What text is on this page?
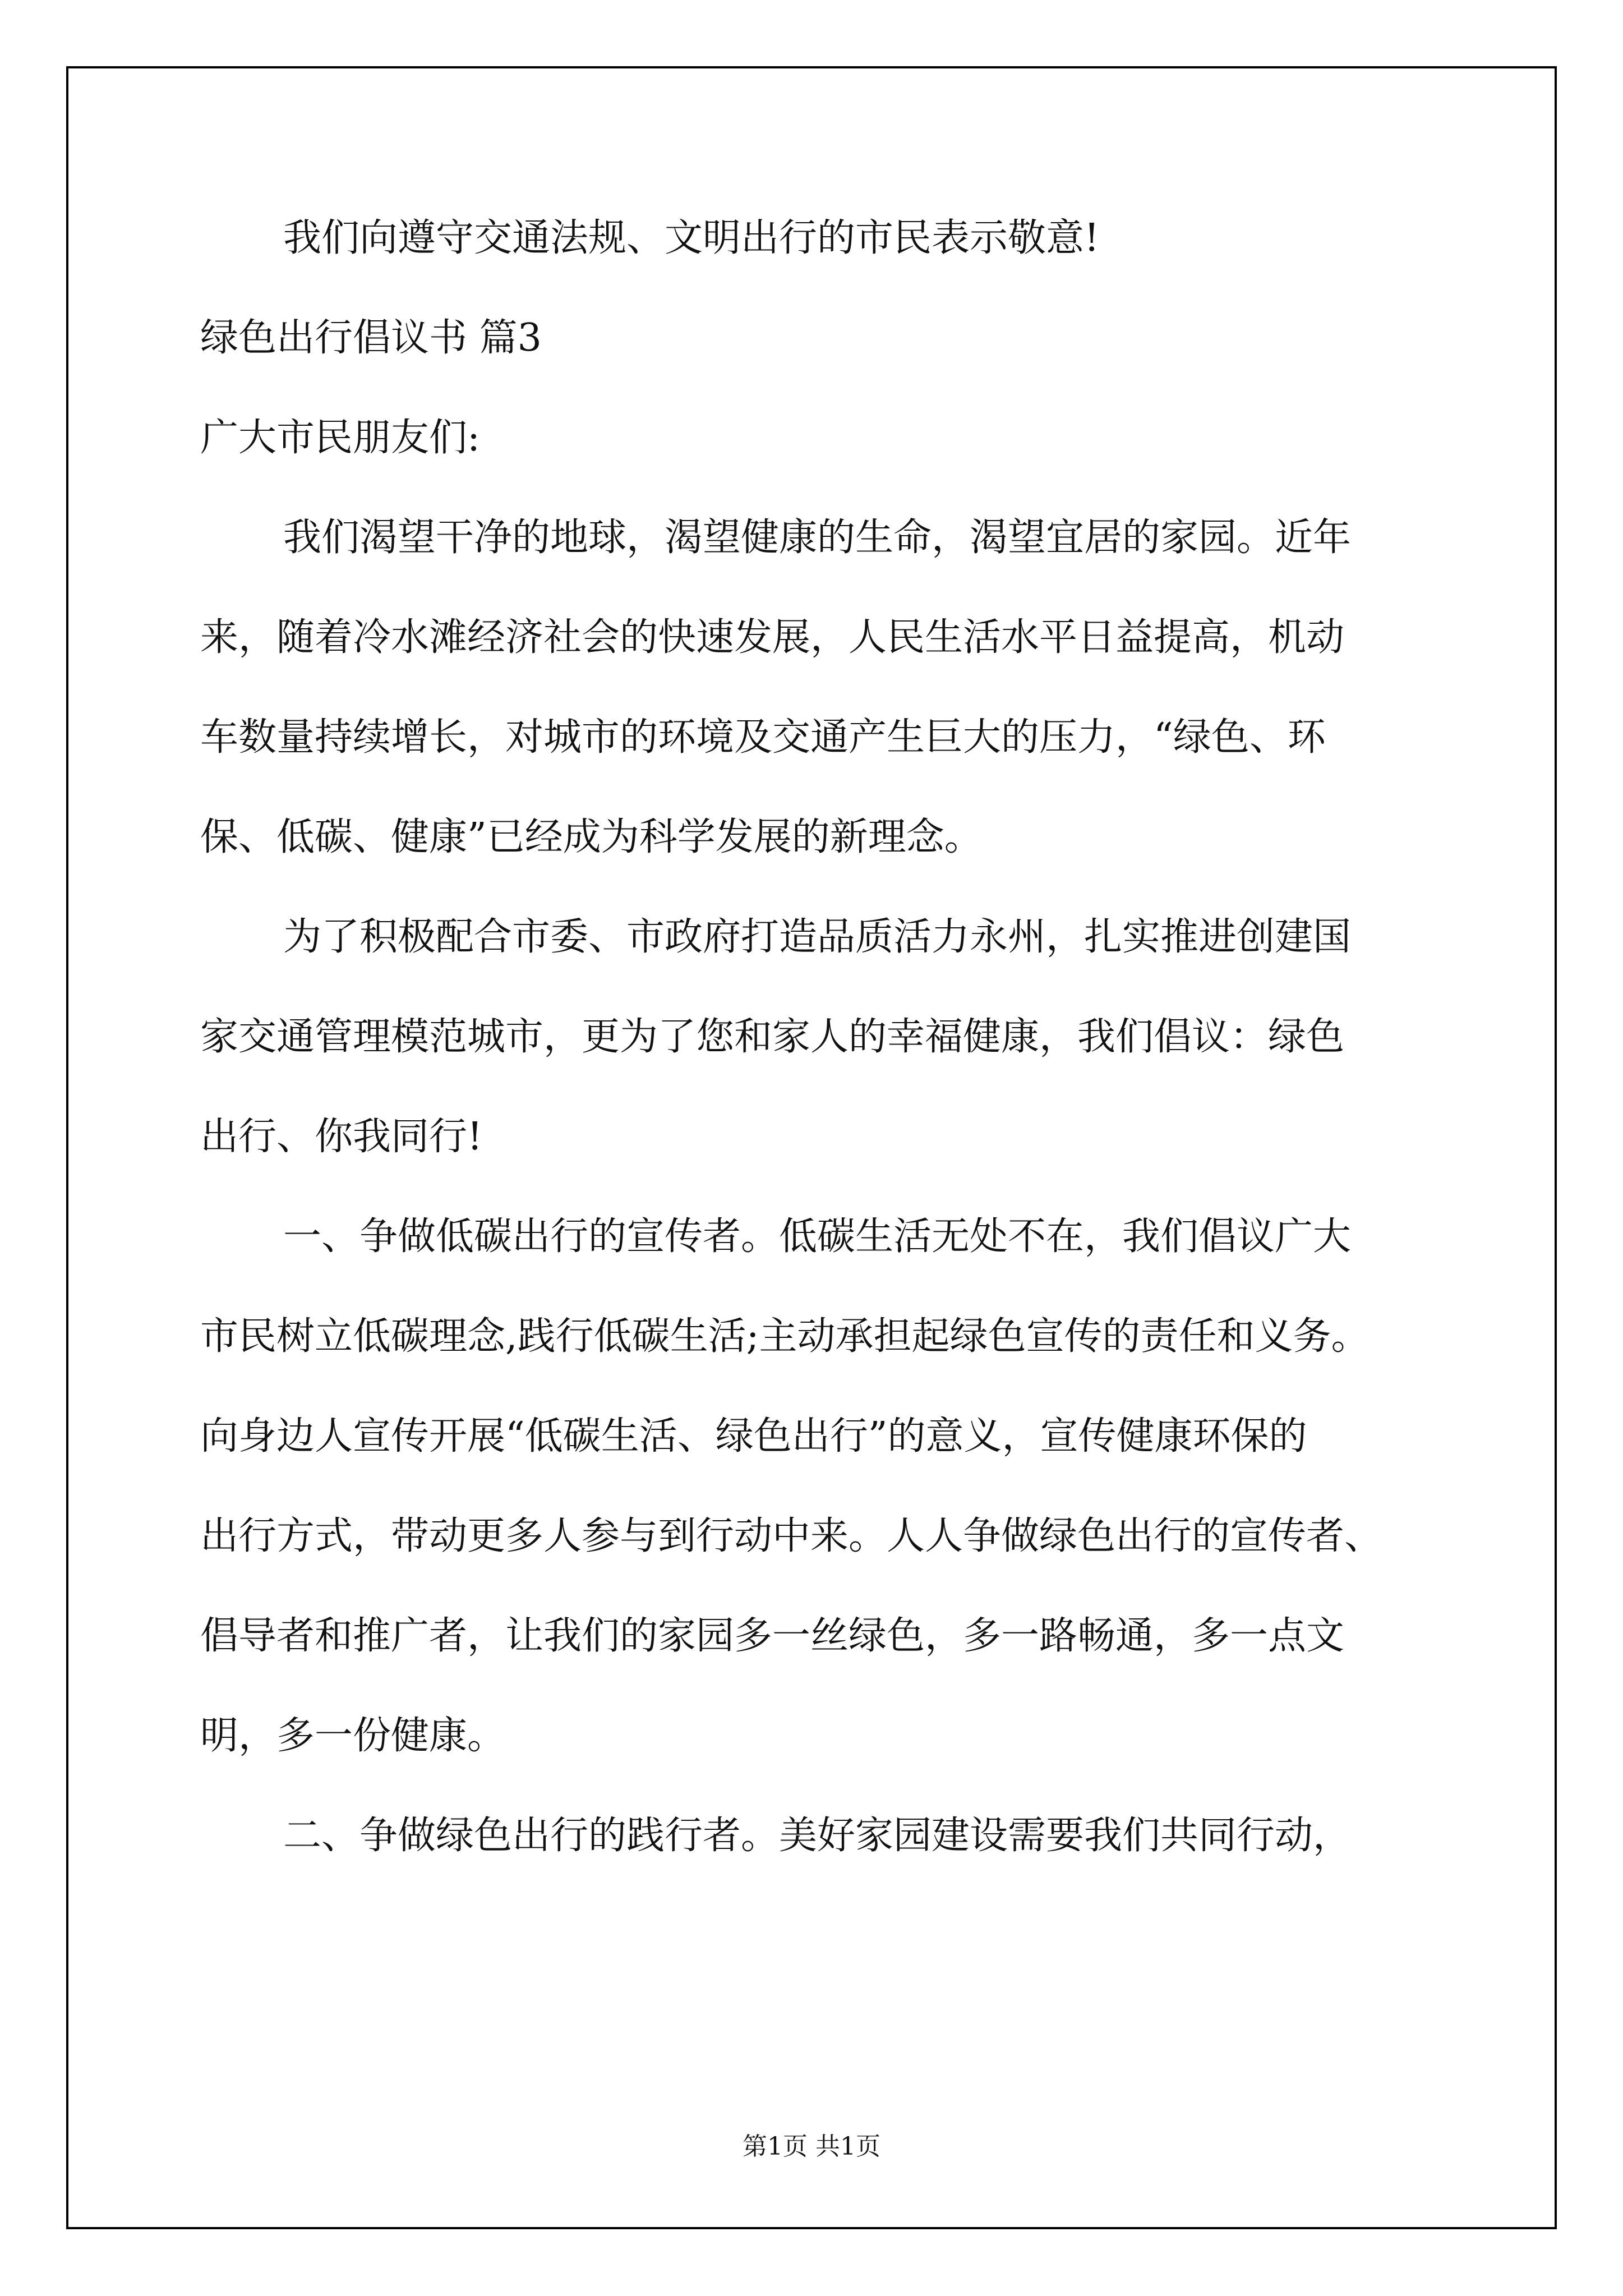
我们向遵守交通法规、文明出行的市民表示敬意!
绿色出行倡议书 篇3
广大市民朋友们:
我们渴望干净的地球，渴望健康的生命，渴望宜居的家园。近年
来，随着冷水滩经济社会的快速发展，人民生活水平日益提高，机动
车数量持续增长，对城市的环境及交通产生巨大的压力，“绿色、环
保、低碳、健康”已经成为科学发展的新理念。
为了积极配合市委、市政府打造品质活力永州，扎实推进创建国
家交通管理模范城市，更为了您和家人的幸福健康，我们倡议：绿色
出行、你我同行!
一、争做低碳出行的宣传者。低碳生活无处不在，我们倡议广大
市民树立低碳理念,践行低碳生活;主动承担起绿色宣传的责任和义务。
向身边人宣传开展“低碳生活、绿色出行”的意义，宣传健康环保的
出行方式，带动更多人参与到行动中来。人人争做绿色出行的宣传者、
倡导者和推广者，让我们的家园多一丝绿色，多一路畅通，多一点文
明，多一份健康。
二、争做绿色出行的践行者。美好家园建设需要我们共同行动，
第1页 共1页
